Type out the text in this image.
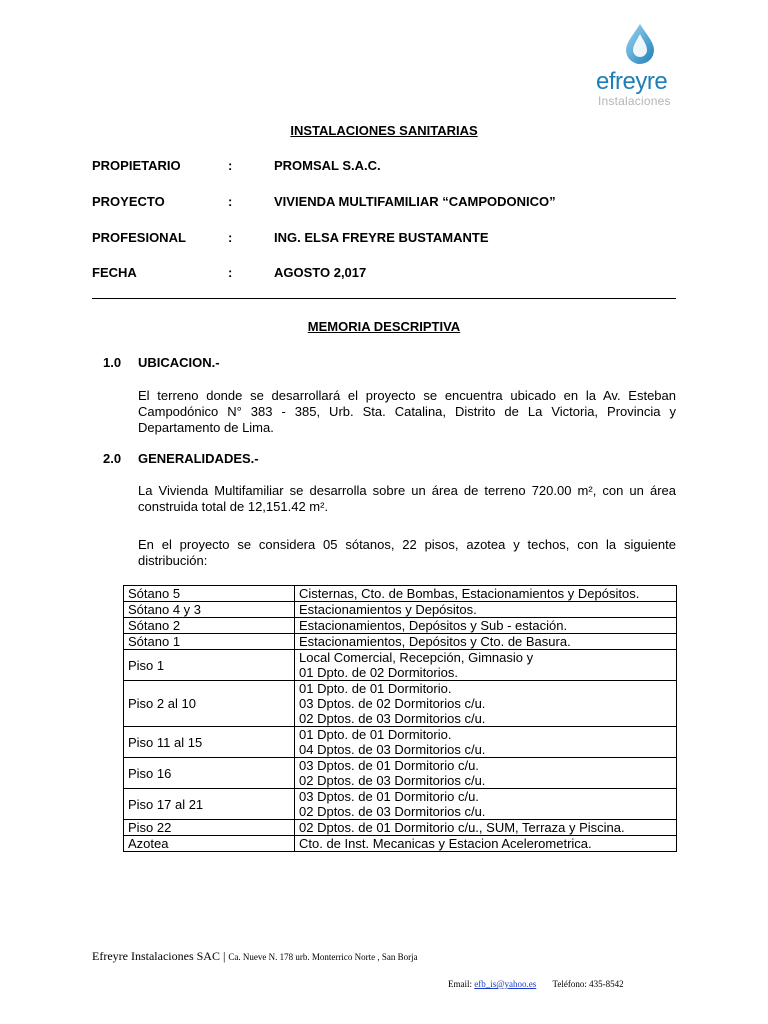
efreyre
Instalaciones
INSTALACIONES SANITARIAS
PROPIETARIO	:	PROMSAL S.A.C.
PROYECTO	:	VIVIENDA MULTIFAMILIAR “CAMPODONICO”
PROFESIONAL	:	ING. ELSA FREYRE BUSTAMANTE
FECHA	:	AGOSTO 2,017
MEMORIA DESCRIPTIVA
1.0 UBICACION.-
El terreno donde se desarrollará el proyecto se encuentra ubicado en la Av. Esteban Campodónico N° 383 - 385, Urb. Sta. Catalina, Distrito de La Victoria, Provincia y Departamento de Lima.
2.0 GENERALIDADES.-
La Vivienda Multifamiliar se desarrolla sobre un área de terreno 720.00 m², con un área construida total de 12,151.42 m².
En el proyecto se considera 05 sótanos, 22 pisos, azotea y techos, con la siguiente distribución:
Sótano 5	Cisternas, Cto. de Bombas, Estacionamientos y Depósitos.

Sótano 4 y 3	Estacionamientos y Depósitos.

Sótano 2	Estacionamientos, Depósitos y Sub - estación.

Sótano 1	Estacionamientos, Depósitos y Cto. de Basura.

Piso 1	Local Comercial, Recepción, Gimnasio y
01 Dpto. de 02 Dormitorios.

Piso 2 al 10	01 Dpto. de 01 Dormitorio.
03 Dptos. de 02 Dormitorios c/u.
02 Dptos. de 03 Dormitorios c/u.

Piso 11 al 15	01 Dpto. de 01 Dormitorio.
04 Dptos. de 03 Dormitorios c/u.

Piso 16	03 Dptos. de 01 Dormitorio c/u.
02 Dptos. de 03 Dormitorios c/u.

Piso 17 al 21	03 Dptos. de 01 Dormitorio c/u.
02 Dptos. de 03 Dormitorios c/u.

Piso 22	02 Dptos. de 01 Dormitorio c/u., SUM, Terraza y Piscina.

Azotea	Cto. de Inst. Mecanicas y Estacion Acelerometrica.
Efreyre Instalaciones SAC | Ca. Nueve N. 178 urb. Monterrico Norte , San Borja
Email: efb_is@yahoo.es Teléfono: 435-8542
